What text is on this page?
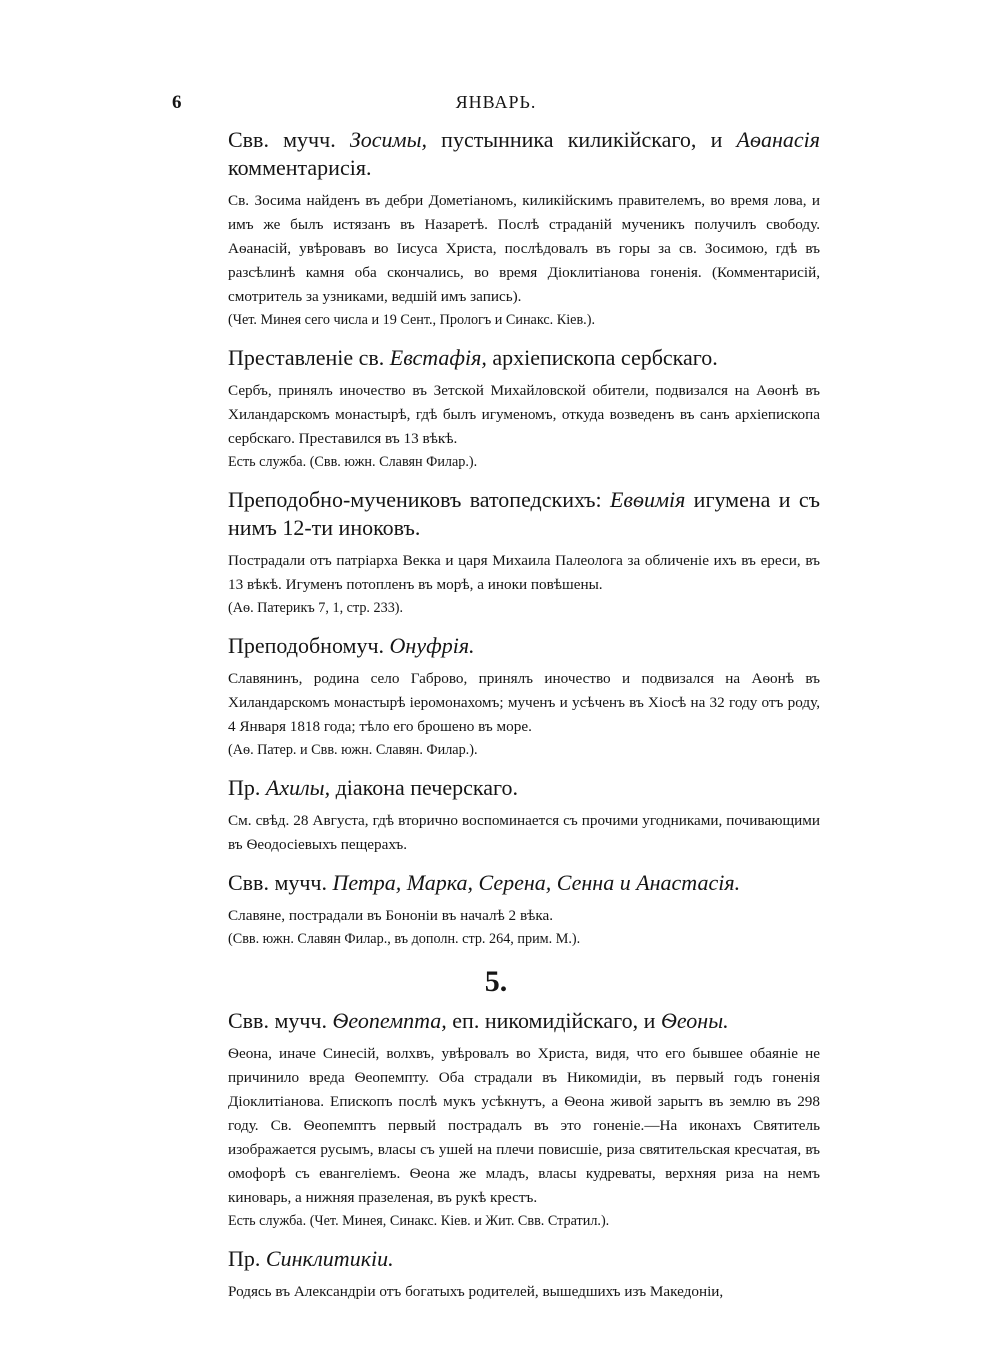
6	ЯНВАРЬ.

Свв. мучч. Зосимы, пустынника киликійскаго, и Аѳанасія комментарисія.

Св. Зосима найденъ въ дебри Дометіаномъ, киликійскимъ правителемъ, во время лова, и имъ же былъ истязанъ въ Назаретѣ. Послѣ страданій мученикъ получилъ свободу. Аѳанасій, увѣровавъ во Іисуса Христа, послѣдовалъ въ горы за св. Зосимою, гдѣ въ разсѣлинѣ камня оба скончались, во время Діоклитіанова гоненія. (Комментарисій, смотритель за узниками, ведшій имъ запись).

(Чет. Минея сего числа и 19 Сент., Прологъ и Синакс. Кіев.).

Преставленіе св. Евстафія, архіепископа сербскаго.

Сербъ, принялъ иночество въ Зетской Михайловской обители, подвизался на Аѳонѣ въ Хиландарскомъ монастырѣ, гдѣ былъ игуменомъ, откуда возведенъ въ санъ архіепископа сербскаго. Преставился въ 13 вѣкѣ.

Есть служба. (Свв. южн. Славян Филар.).

Преподобно-мучениковъ ватопедскихъ: Евѳимія игумена и съ нимъ 12-ти иноковъ.

Пострадали отъ патріарха Векка и царя Михаила Палеолога за обличеніе ихъ въ ереси, въ 13 вѣкѣ. Игуменъ потопленъ въ морѣ, а иноки повѣшены.

(Аѳ. Патерикъ 7, 1, стр. 233).

Преподобномуч. Онуфрія.

Славянинъ, родина село Габрово, принялъ иночество и подвизался на Аѳонѣ въ Хиландарскомъ монастырѣ іеромонахомъ; мученъ и усѣченъ въ Хіосѣ на 32 году отъ роду, 4 Января 1818 года; тѣло его брошено въ море.

(Аѳ. Патер. и Свв. южн. Славян. Филар.).

Пр. Ахилы, діакона печерскаго.

См. свѣд. 28 Августа, гдѣ вторично воспоминается съ прочими угодниками, почивающими въ Ѳеодосіевыхъ пещерахъ.

Свв. мучч. Петра, Марка, Серена, Сенна и Анастасія.

Славяне, пострадали въ Бононіи въ началѣ 2 вѣка.

(Свв. южн. Славян Филар., въ дополн. стр. 264, прим. М.).

5.

Свв. мучч. Ѳеопемпта, еп. никомидійскаго, и Ѳеоны.

Ѳеона, иначе Синесій, волхвъ, увѣровалъ во Христа, видя, что его бывшее обаяніе не причинило вреда Ѳеопемпту. Оба страдали въ Никомидіи, въ первый годъ гоненія Діоклитіанова. Епископъ послѣ мукъ усѣкнутъ, а Ѳеона живой зарытъ въ землю въ 298 году. Св. Ѳеопемптъ первый пострадалъ въ это гоненіе.—На иконахъ Святитель изображается русымъ, власы съ ушей на плечи повисшіе, риза святительская кресчатая, въ омофорѣ съ евангеліемъ. Ѳеона же младъ, власы кудреваты, верхняя риза на немъ киноварь, а нижняя празеленая, въ рукѣ крестъ.

Есть служба. (Чет. Минея, Синакс. Кіев. и Жит. Свв. Стратил.).

Пр. Синклитикіи.

Родясь въ Александріи отъ богатыхъ родителей, вышедшихъ изъ Македоніи,
